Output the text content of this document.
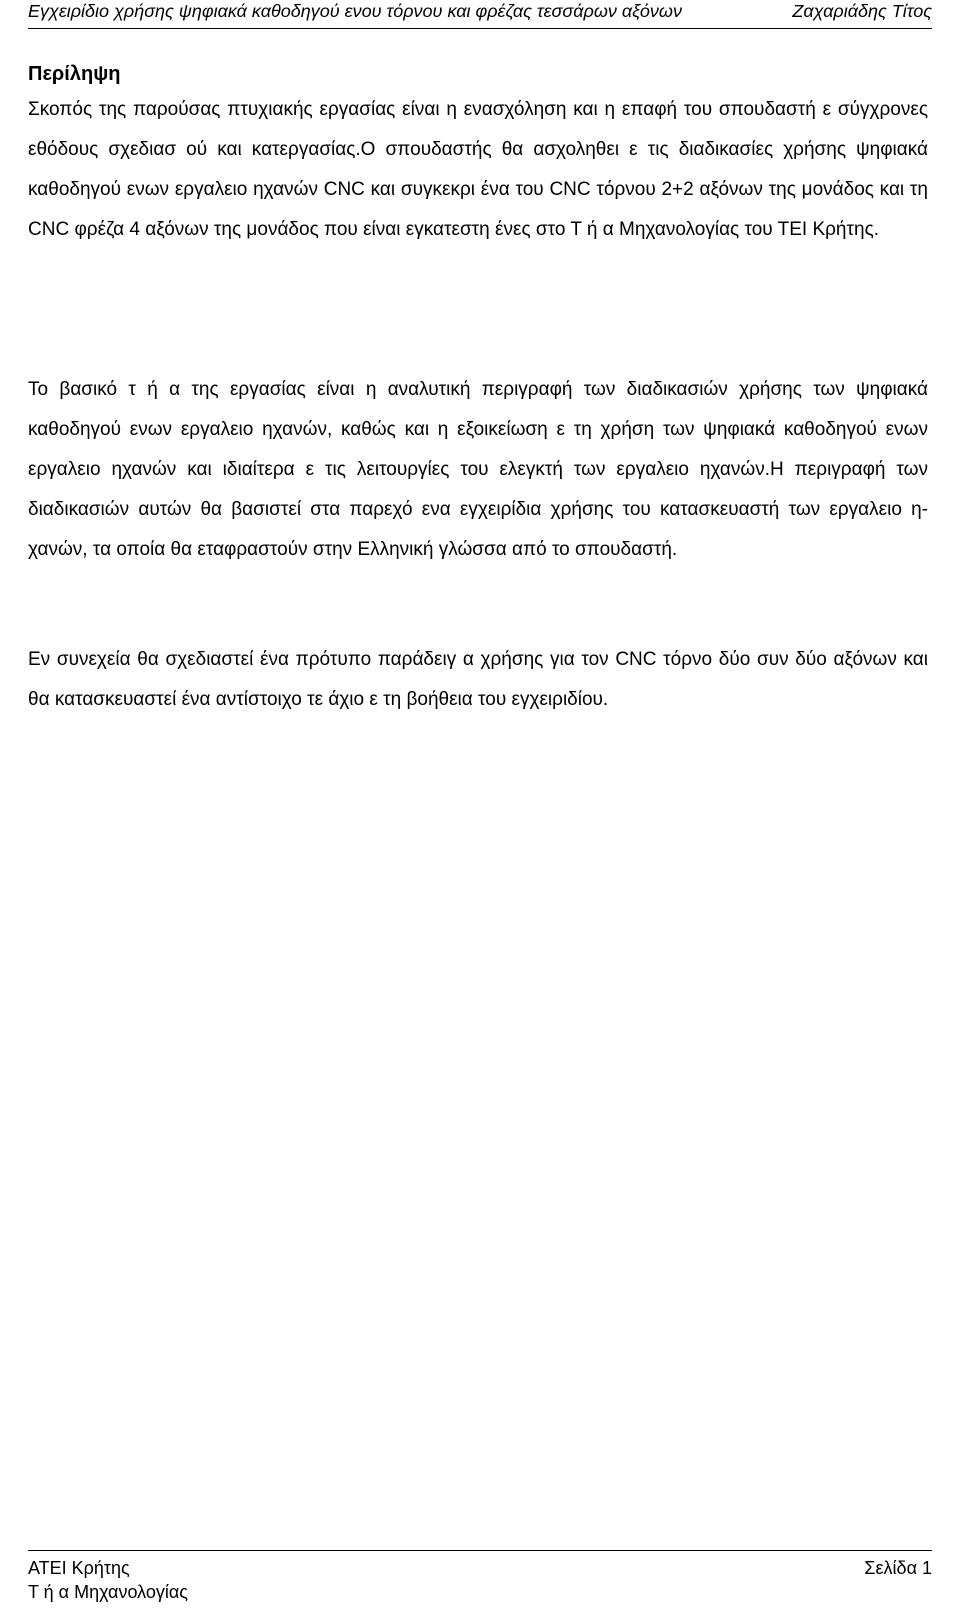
Εγχειρίδιο χρήσης ψηφιακά καθοδηγού ενου τόρνου και φρέζας τεσσάρων αξόνων	Ζαχαριάδης Τίτος
Περίληψη

Σκοπός της παρούσας πτυχιακής εργασίας είναι η ενασχόληση και η επαφή του σπουδαστή ε σύγχρονες εθόδους σχεδιασ ού και κατεργασίας.Ο σπουδαστής θα ασχοληθει ε τις διαδικασίες χρήσης ψηφιακά καθοδηγού ενων εργαλειο ηχανών CNC και συγκεκρι ένα του CNC τόρνου 2+2 αξόνων της μονάδος και τη CNC φρέζα 4 αξόνων της μονάδος που είναι εγκατεστη ένες στο Τ ή α Μηχανολογίας του ΤΕΙ Κρήτης.

Το βασικό τ ή α της εργασίας είναι η αναλυτική περιγραφή των διαδικασιών χρήσης των ψηφιακά καθοδηγού ενων εργαλειο ηχανών, καθώς και η εξοικείωση ε τη χρήση των ψηφιακά καθοδηγού ενων εργαλειο ηχανών και ιδιαίτερα ε τις λειτουργίες του ελεγκτή των εργαλειο ηχανών.Η περιγραφή των διαδικασιών αυτών θα βασιστεί στα παρεχό ενα εγχειρίδια χρήσης του κατασκευαστή των εργαλειο η- χανών, τα οποία θα εταφραστούν στην Ελληνική γλώσσα από το σπουδαστή.

Εν συνεχεία θα σχεδιαστεί ένα πρότυπο παράδειγ α χρήσης για τον CNC τόρνο δύο συν δύο αξόνων και θα κατασκευαστεί ένα αντίστοιχο τε άχιο ε τη βοήθεια του εγχειριδίου.

ΑΤΕΙ Κρήτης
Τ ή α Μηχανολογίας
Σελίδα 1
